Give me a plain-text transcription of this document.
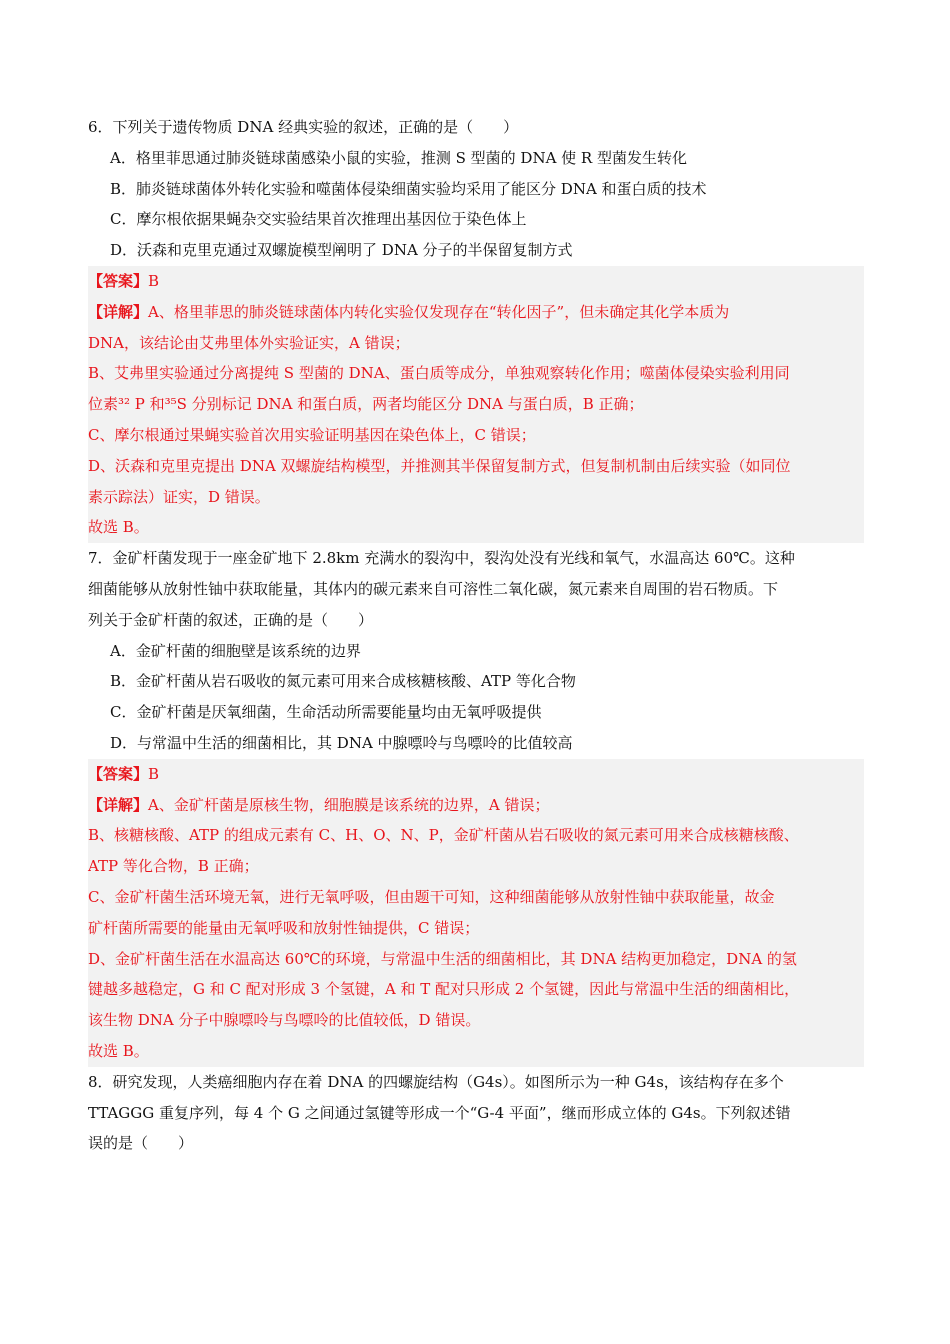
6．下列关于遗传物质 DNA 经典实验的叙述，正确的是（　　）
A．格里菲思通过肺炎链球菌感染小鼠的实验，推测 S 型菌的 DNA 使 R 型菌发生转化
B．肺炎链球菌体外转化实验和噬菌体侵染细菌实验均采用了能区分 DNA 和蛋白质的技术
C．摩尔根依据果蝇杂交实验结果首次推理出基因位于染色体上
D．沃森和克里克通过双螺旋模型阐明了 DNA 分子的半保留复制方式
【答案】B
【详解】A、格里菲思的肺炎链球菌体内转化实验仅发现存在“转化因子”，但未确定其化学本质为
DNA，该结论由艾弗里体外实验证实，A 错误；
B、艾弗里实验通过分离提纯 S 型菌的 DNA、蛋白质等成分，单独观察转化作用；噬菌体侵染实验利用同
位素³² P 和³⁵S 分别标记 DNA 和蛋白质，两者均能区分 DNA 与蛋白质，B 正确；
C、摩尔根通过果蝇实验首次用实验证明基因在染色体上，C 错误；
D、沃森和克里克提出 DNA 双螺旋结构模型，并推测其半保留复制方式，但复制机制由后续实验（如同位
素示踪法）证实，D 错误。
故选 B。
7．金矿杆菌发现于一座金矿地下 2.8km 充满水的裂沟中，裂沟处没有光线和氧气，水温高达 60℃。这种
细菌能够从放射性铀中获取能量，其体内的碳元素来自可溶性二氧化碳，氮元素来自周围的岩石物质。下
列关于金矿杆菌的叙述，正确的是（　　）
A．金矿杆菌的细胞壁是该系统的边界
B．金矿杆菌从岩石吸收的氮元素可用来合成核糖核酸、ATP 等化合物
C．金矿杆菌是厌氧细菌，生命活动所需要能量均由无氧呼吸提供
D．与常温中生活的细菌相比，其 DNA 中腺嘌呤与鸟嘌呤的比值较高
【答案】B
【详解】A、金矿杆菌是原核生物，细胞膜是该系统的边界，A 错误；
B、核糖核酸、ATP 的组成元素有 C、H、O、N、P，金矿杆菌从岩石吸收的氮元素可用来合成核糖核酸、
ATP 等化合物，B 正确；
C、金矿杆菌生活环境无氧，进行无氧呼吸，但由题干可知，这种细菌能够从放射性铀中获取能量，故金
矿杆菌所需要的能量由无氧呼吸和放射性铀提供，C 错误；
D、金矿杆菌生活在水温高达 60℃的环境，与常温中生活的细菌相比，其 DNA 结构更加稳定，DNA 的氢
键越多越稳定，G 和 C 配对形成 3 个氢键，A 和 T 配对只形成 2 个氢键，因此与常温中生活的细菌相比，
该生物 DNA 分子中腺嘌呤与鸟嘌呤的比值较低，D 错误。
故选 B。
8．研究发现，人类癌细胞内存在着 DNA 的四螺旋结构（G4s）。如图所示为一种 G4s，该结构存在多个
TTAGGG 重复序列，每 4 个 G 之间通过氢键等形成一个“G-4 平面”，继而形成立体的 G4s。下列叙述错
误的是（　　）
